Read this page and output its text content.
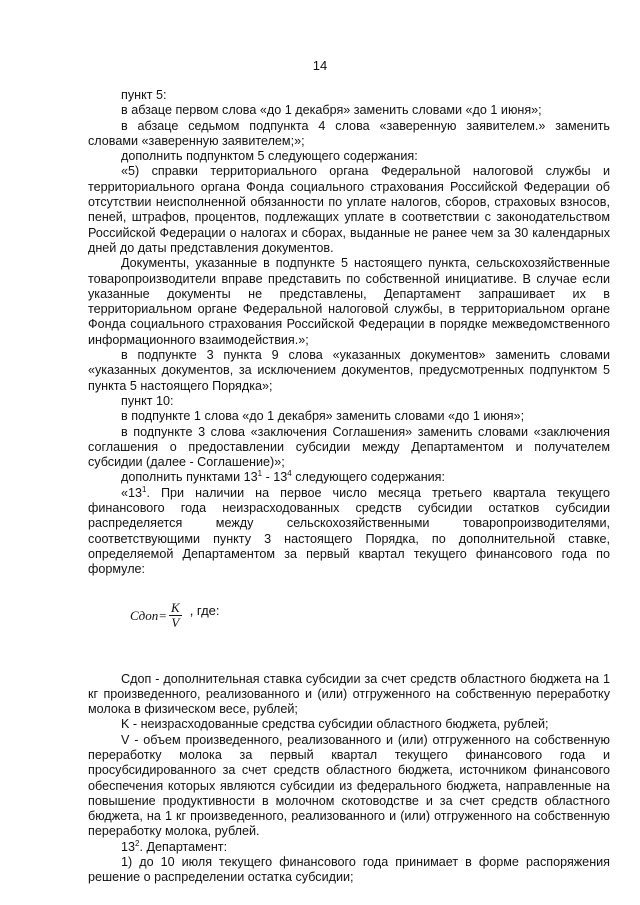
14

пункт 5:

в абзаце первом слова «до 1 декабря» заменить словами «до 1 июня»;

в абзаце седьмом подпункта 4 слова «заверенную заявителем.» заменить словами «заверенную заявителем;»;

дополнить подпунктом 5 следующего содержания:

«5) справки территориального органа Федеральной налоговой службы и территориального органа Фонда социального страхования Российской Федерации об отсутствии неисполненной обязанности по уплате налогов, сборов, страховых взносов, пеней, штрафов, процентов, подлежащих уплате в соответствии с законодательством Российской Федерации о налогах и сборах, выданные не ранее чем за 30 календарных дней до даты представления документов.

Документы, указанные в подпункте 5 настоящего пункта, сельскохозяйственные товаропроизводители вправе представить по собственной инициативе. В случае если указанные документы не представлены, Департамент запрашивает их в территориальном органе Федеральной налоговой службы, в территориальном органе Фонда социального страхования Российской Федерации в порядке межведомственного информационного взаимодействия.»;

в подпункте 3 пункта 9 слова «указанных документов» заменить словами «указанных документов, за исключением документов, предусмотренных подпунктом 5 пункта 5 настоящего Порядка»;

пункт 10:

в подпункте 1 слова «до 1 декабря» заменить словами «до 1 июня»;

в подпункте 3 слова «заключения Соглашения» заменить словами «заключения соглашения о предоставлении субсидии между Департаментом и получателем субсидии (далее - Соглашение)»;

дополнить пунктами $13^1 - 13^4$ следующего содержания:

«$13^1$. При наличии на первое число месяца третьего квартала текущего финансового года неизрасходованных средств субсидии остатков субсидии распределяется между сельскохозяйственными товаропроизводителями, соответствующими пункту 3 настоящего Порядка, по дополнительной ставке, определяемой Департаментом за первый квартал текущего финансового года по формуле:

Cдоп= $\frac{K}{V}$ , где:

Cдоп - дополнительная ставка субсидии за счет средств областного бюджета на 1 кг произведенного, реализованного и (или) отгруженного на собственную переработку молока в физическом весе, рублей;

K - неизрасходованные средства субсидии областного бюджета, рублей;

V - объем произведенного, реализованного и (или) отгруженного на собственную переработку молока за первый квартал текущего финансового года и просубсидированного за счет средств областного бюджета, источником финансового обеспечения которых являются субсидии из федерального бюджета, направленные на повышение продуктивности в молочном скотоводстве и за счет средств областного бюджета, на 1 кг произведенного, реализованного и (или) отгруженного на собственную переработку молока, рублей.

$13^2$. Департамент:

1) до 10 июля текущего финансового года принимает в форме распоряжения решение о распределении остатка субсидии;
